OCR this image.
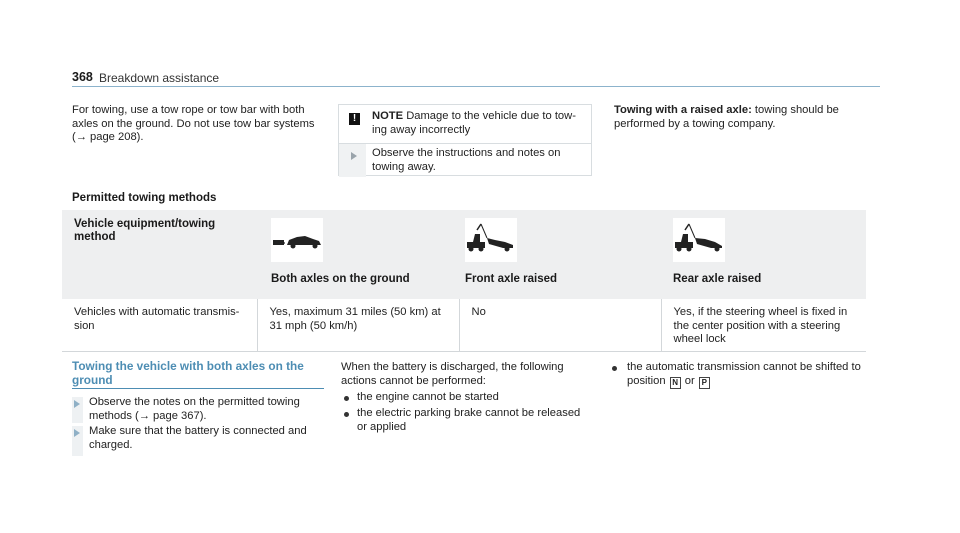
368 Breakdown assistance
For towing, use a tow rope or tow bar with both axles on the ground. Do not use tow bar systems (→ page 208).
!	NOTE Damage to the vehicle due to tow-ing away incorrectly
Observe the instructions and notes on towing away.
Towing with a raised axle: towing should be performed by a towing company.
Permitted towing methods
Vehicle equipment/towing method	Both axles on the ground	Front axle raised	Rear axle raised

Vehicles with automatic transmis-sion	Yes, maximum 31 miles (50 km) at 31 mph (50 km/h)	No	Yes, if the steering wheel is fixed in the center position with a steering wheel lock
Towing the vehicle with both axles on the ground
Observe the notes on the permitted towing methods (→ page 367).
Make sure that the battery is connected and charged.
When the battery is discharged, the following actions cannot be performed:
the engine cannot be started
the electric parking brake cannot be released or applied
the automatic transmission cannot be shifted to position N or P
